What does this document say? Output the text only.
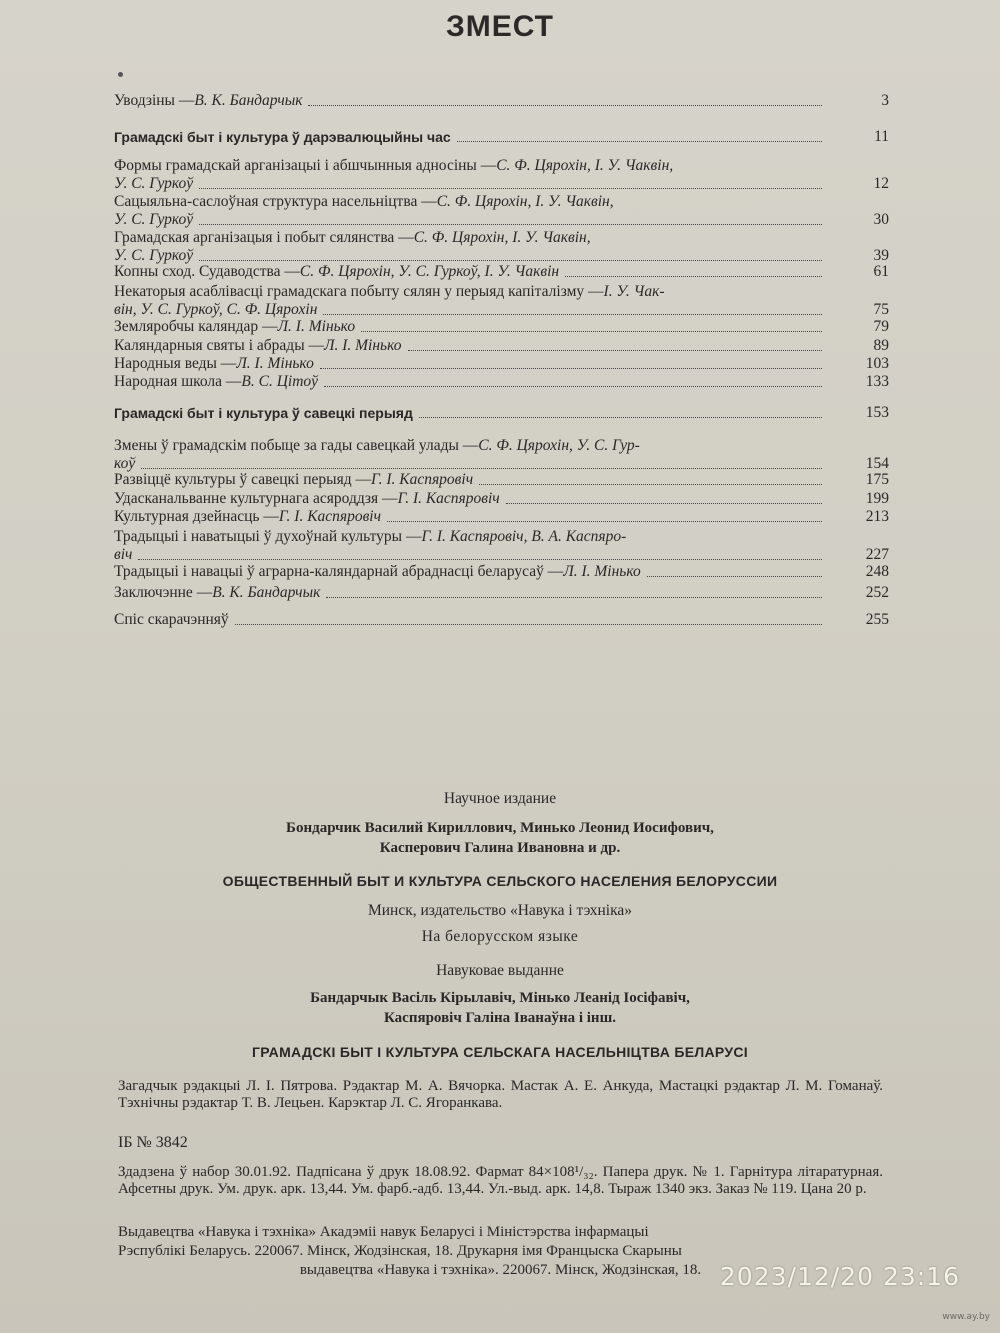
ЗМЕСТ
Уводзіны — В. К. Бандарчык	3
Грамадскі быт і культура ў дарэвалюцыйны час	11
Формы грамадскай арганізацыі і абшчынныя адносіны — С. Ф. Цярохін, І. У. Чаквін,
У. С. Гуркоў	12
Сацыяльна-саслоўная структура насельніцтва — С. Ф. Цярохін, І. У. Чаквін,
У. С. Гуркоў	30
Грамадская арганізацыя і побыт сялянства — С. Ф. Цярохін, І. У. Чаквін,
У. С. Гуркоў	39
Копны сход. Судаводства — С. Ф. Цярохін, У. С. Гуркоў, І. У. Чаквін	61
Некаторыя асаблівасці грамадскага побыту сялян у перыяд капіталізму — І. У. Чак-
він, У. С. Гуркоў, С. Ф. Цярохін	75
Земляробчы каляндар — Л. І. Мінько	79
Каляндарныя святы і абрады — Л. І. Мінько	89
Народныя веды — Л. І. Мінько	103
Народная школа — В. С. Цітоў	133
Грамадскі быт і культура ў савецкі перыяд	153
Змены ў грамадскім побыце за гады савецкай улады — С. Ф. Цярохін, У. С. Гур-
коў	154
Развіццё культуры ў савецкі перыяд — Г. І. Каспяровіч	175
Удасканальванне культурнага асяроддзя — Г. І. Каспяровіч	199
Культурная дзейнасць — Г. І. Каспяровіч	213
Традыцыі і наватыцыі ў духоўнай культуры — Г. І. Каспяровіч, В. А. Каспяро-
віч	227
Традыцыі і навацыі ў аграрна-каляндарнай абраднасці беларусаў — Л. І. Мінько	248
Заключэнне — В. К. Бандарчык	252
Спіс скарачэнняў	255
Научное издание
Бондарчик Василий Кириллович, Минько Леонид Иосифович,
Касперович Галина Ивановна и др.
ОБЩЕСТВЕННЫЙ БЫТ И КУЛЬТУРА СЕЛЬСКОГО НАСЕЛЕНИЯ БЕЛОРУССИИ
Минск, издательство «Навука і тэхніка»
На белорусском языке
Навуковае выданне
Бандарчык Васіль Кірылавіч, Мінько Леанід Іосіфавіч,
Каспяровіч Галіна Іванаўна і інш.
ГРАМАДСКІ БЫТ І КУЛЬТУРА СЕЛЬСКАГА НАСЕЛЬНІЦТВА БЕЛАРУСІ
Загадчык рэдакцыі Л. І. Пятрова. Рэдактар М. А. Вячорка. Мастак А. Е. Анкуда, Мастацкі рэдактар Л. М. Гоманаў. Тэхнічны рэдактар Т. В. Лецьен. Карэктар Л. С. Ягоранкава.
ІБ № 3842
Здадзена ў набор 30.01.92. Падпісана ў друк 18.08.92. Фармат 84×108¹/₃₂. Папера друк. № 1. Гарнітура літаратурная. Афсетны друк. Ум. друк. арк. 13,44. Ум. фарб.-адб. 13,44. Ул.-выд. арк. 14,8. Тыраж 1340 экз. Заказ № 119. Цана 20 р.
Выдавецтва «Навука і тэхніка» Акадэміі навук Беларусі і Міністэрства інфармацыі
Рэспублікі Беларусь. 220067. Мінск, Жодзінская, 18. Друкарня імя Францыска Скарыны
выдавецтва «Навука і тэхніка». 220067. Мінск, Жодзінская, 18. 2023/12/20 23:16
www.ay.by
